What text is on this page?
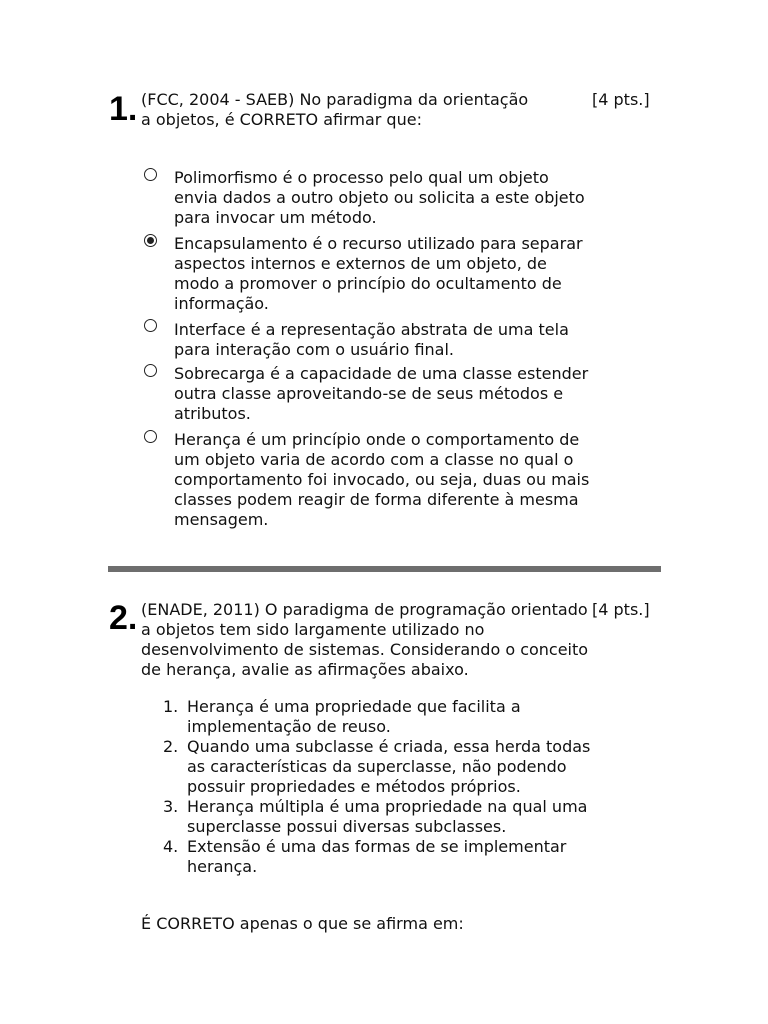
1. (FCC, 2004 - SAEB) No paradigma da orientação
a objetos, é CORRETO afirmar que:

[4 pts.]

Polimorfismo é o processo pelo qual um objeto envia dados a outro objeto ou solicita a este objeto para invocar um método.

Encapsulamento é o recurso utilizado para separar aspectos internos e externos de um objeto, de modo a promover o princípio do ocultamento de informação.

Interface é a representação abstrata de uma tela para interação com o usuário final.

Sobrecarga é a capacidade de uma classe estender outra classe aproveitando-se de seus métodos e atributos.

Herança é um princípio onde o comportamento de um objeto varia de acordo com a classe no qual o comportamento foi invocado, ou seja, duas ou mais classes podem reagir de forma diferente à mesma mensagem.

2. (ENADE, 2011) O paradigma de programação orientado a objetos tem sido largamente utilizado no desenvolvimento de sistemas. Considerando o conceito de herança, avalie as afirmações abaixo.

[4 pts.]
1. Herança é uma propriedade que facilita a implementação de reuso.
2. Quando uma subclasse é criada, essa herda todas as características da superclasse, não podendo possuir propriedades e métodos próprios.
3. Herança múltipla é uma propriedade na qual uma superclasse possui diversas subclasses.
4. Extensão é uma das formas de se implementar herança.

É CORRETO apenas o que se afirma em:
